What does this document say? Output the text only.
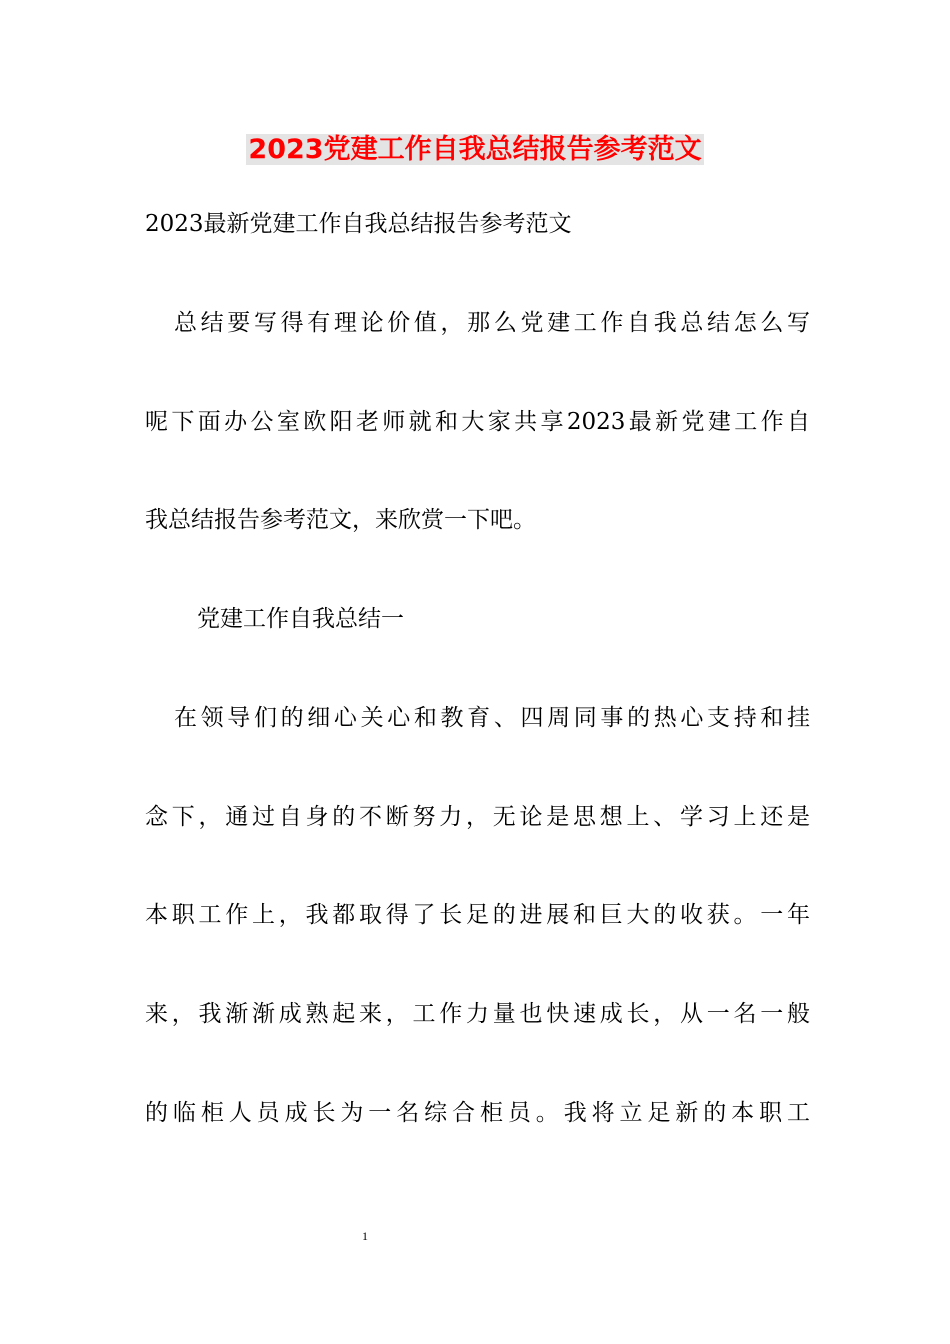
2023党建工作自我总结报告参考范文
2023最新党建工作自我总结报告参考范文
总结要写得有理论价值，那么党建工作自我总结怎么写
呢下面办公室欧阳老师就和大家共享2023最新党建工作自
我总结报告参考范文，来欣赏一下吧。
党建工作自我总结一
在领导们的细心关心和教育、四周同事的热心支持和挂
念下，通过自身的不断努力，无论是思想上、学习上还是
本职工作上，我都取得了长足的进展和巨大的收获。一年
来，我渐渐成熟起来，工作力量也快速成长，从一名一般
的临柜人员成长为一名综合柜员。我将立足新的本职工
1
